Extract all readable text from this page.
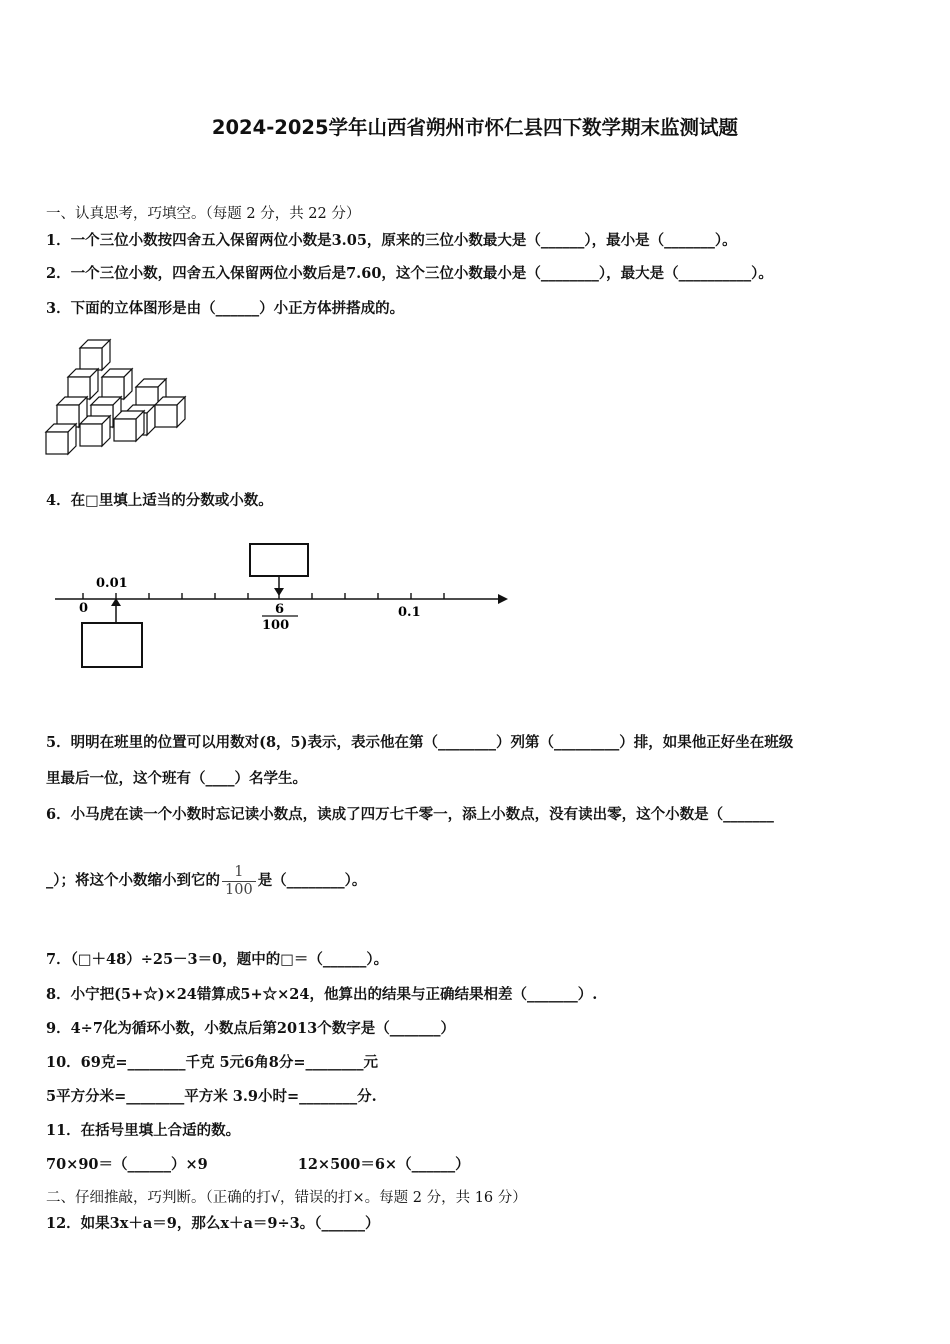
2024-2025学年山西省朔州市怀仁县四下数学期末监测试题
一、认真思考，巧填空。（每题 2 分，共 22 分）
1．一个三位小数按四舍五入保留两位小数是3.05，原来的三位小数最大是（______），最小是（_______）。
2．一个三位小数，四舍五入保留两位小数后是7.60，这个三位小数最小是（________），最大是（__________）。
3．下面的立体图形是由（______）小正方体拼搭成的。
4．在□里填上适当的分数或小数。
0.01
0	0.1
6
100
5．明明在班里的位置可以用数对(8，5)表示，表示他在第（________）列第（_________）排，如果他正好坐在班级
里最后一位，这个班有（____）名学生。
6．小马虎在读一个小数时忘记读小数点，读成了四万七千零一，添上小数点，没有读出零，这个小数是（_______
_）；将这个小数缩小到它的 $\frac{1}{100}$ 是（________）。
7．（□＋48）÷25－3＝0，题中的□＝（______）。
8．小宁把(5+☆)×24错算成5+☆×24，他算出的结果与正确结果相差（_______）.
9．4÷7化为循环小数，小数点后第2013个数字是（_______）
10．69克=________千克 5元6角8分=________元
5平方分米=________平方米 3.9小时=________分.
11．在括号里填上合适的数。
70×90＝（______）×9	12×500＝6×（______）
二、仔细推敲，巧判断。（正确的打√，错误的打×。每题 2 分，共 16 分）
12．如果3x＋a＝9，那么x＋a＝9÷3。（______）
